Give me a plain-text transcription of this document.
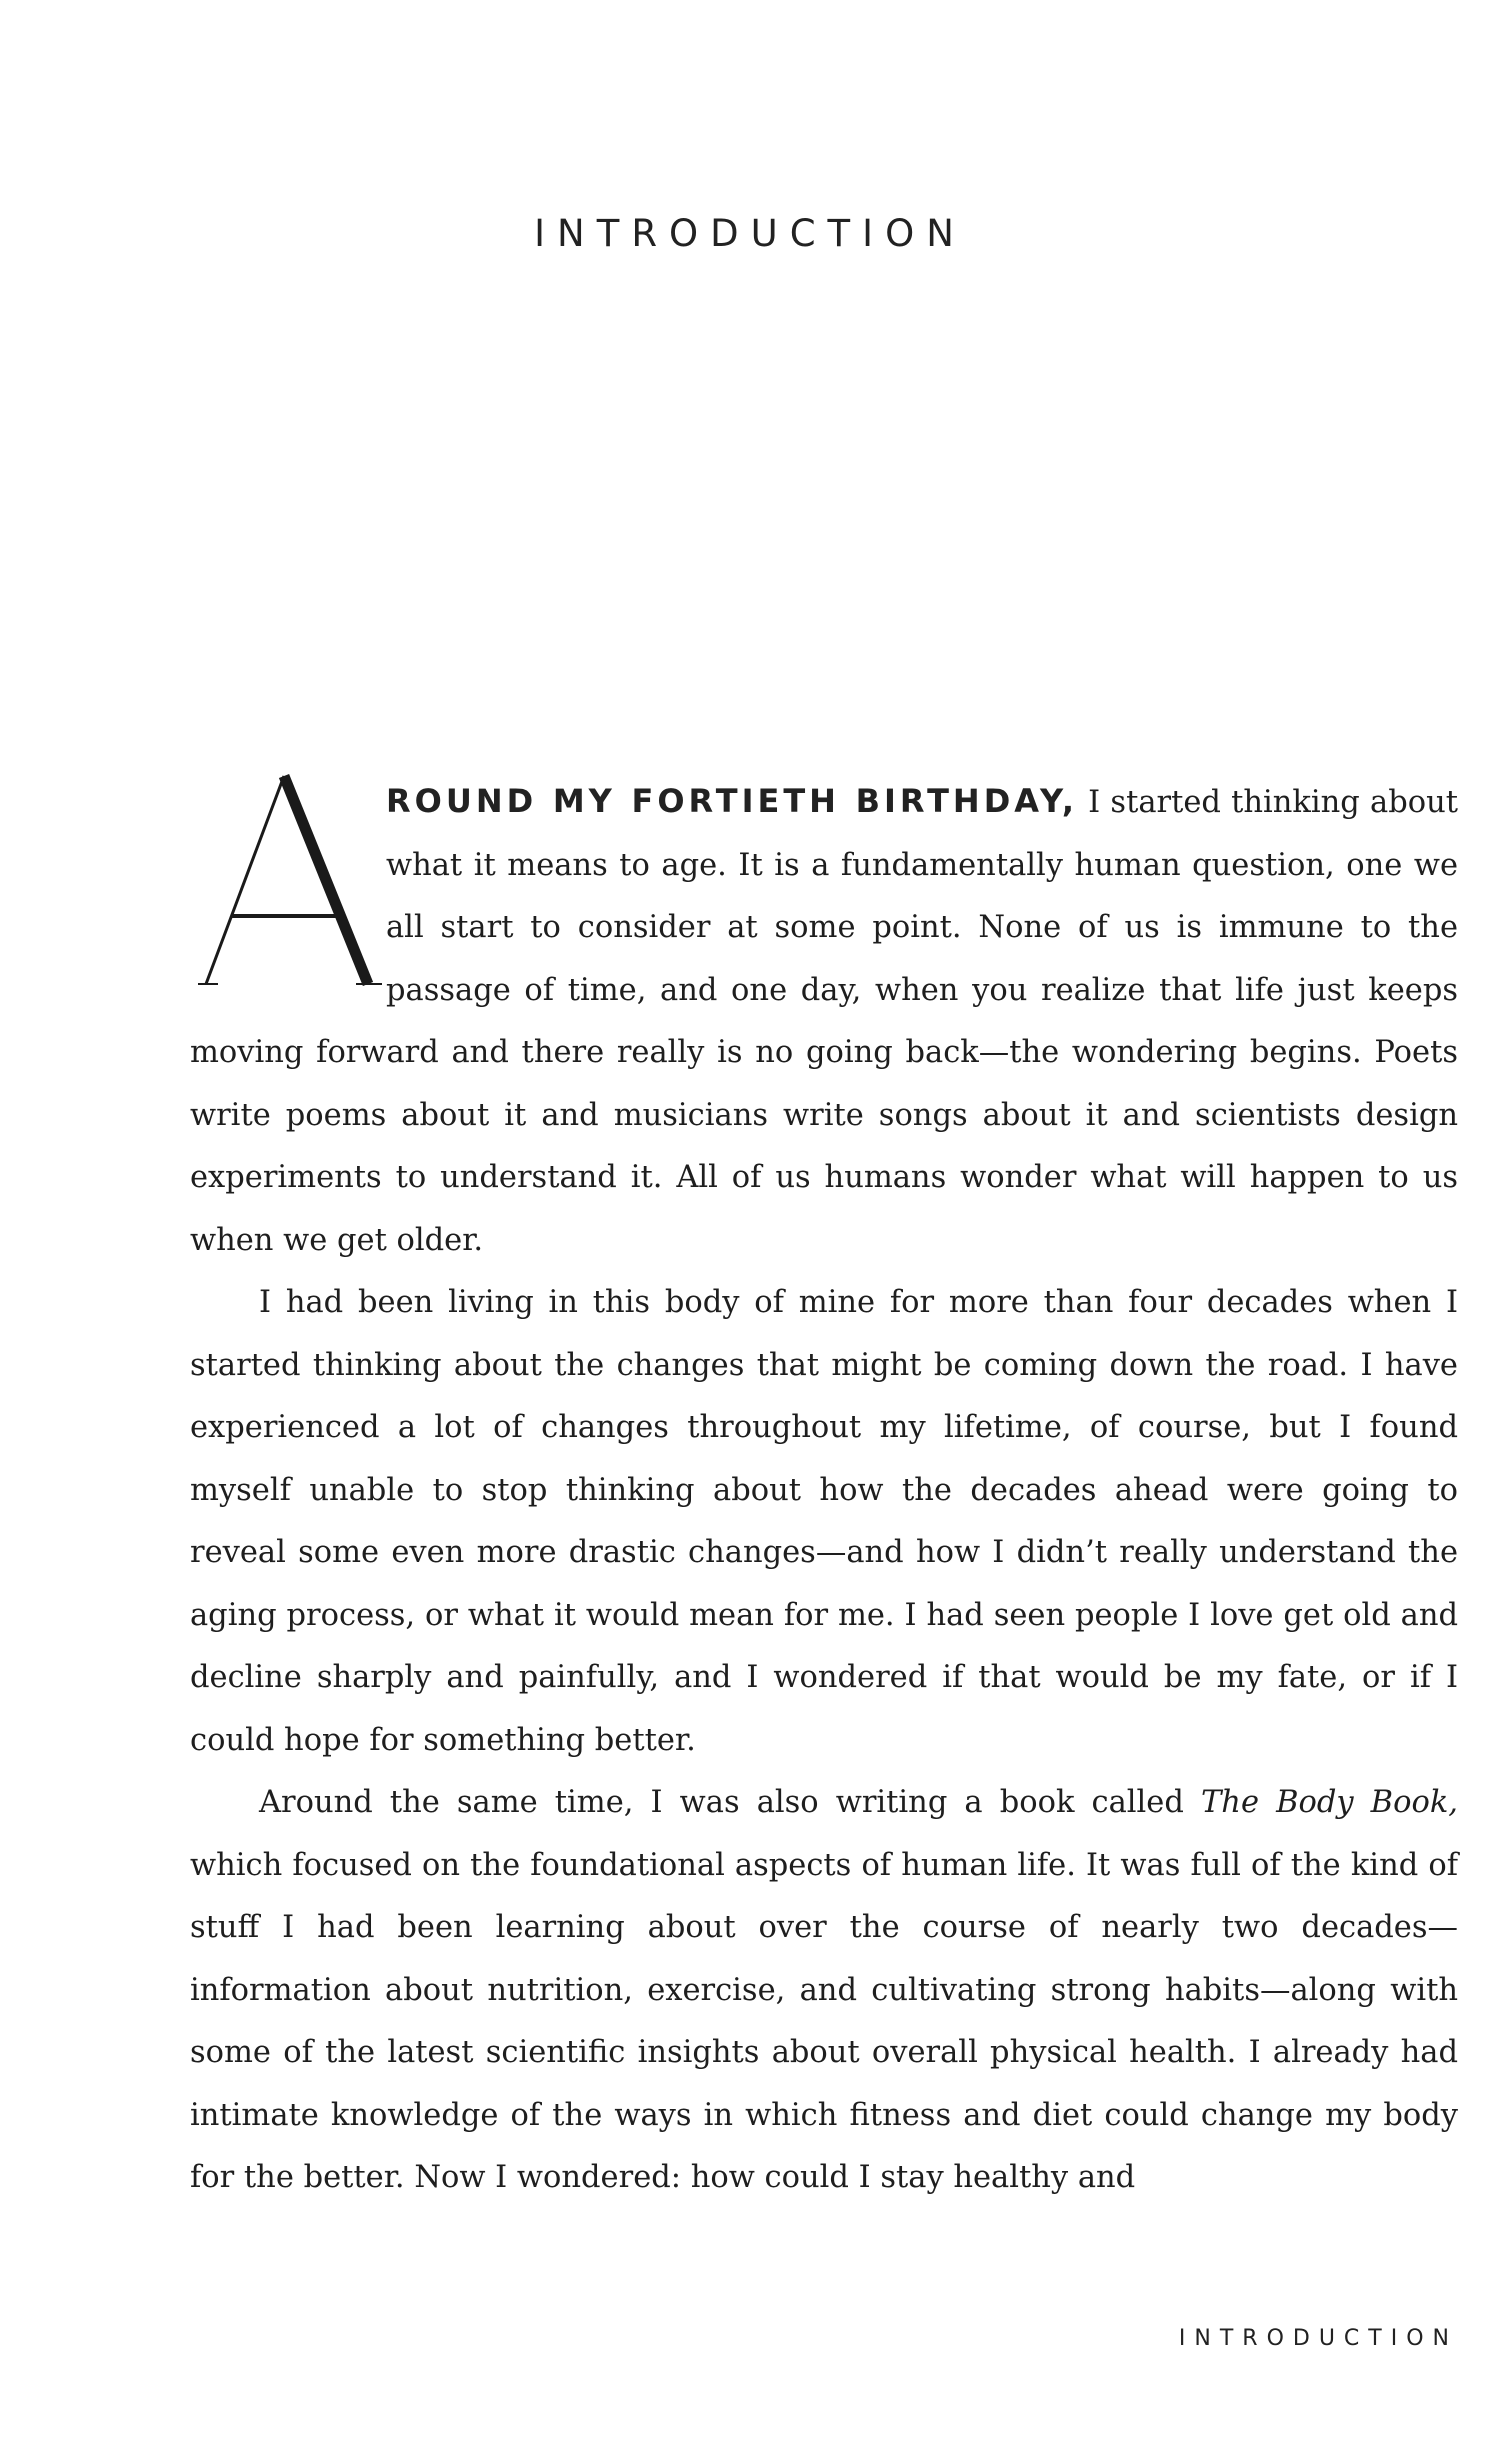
INTRODUCTION

ROUND MY FORTIETH BIRTHDAY, I started thinking about what it means to age. It is a fundamentally human question, one we all start to consider at some point. None of us is immune to the passage of time, and one day, when you realize that life just keeps moving forward and there really is no going back—the wondering begins. Poets write poems about it and musicians write songs about it and scientists design experiments to understand it. All of us humans wonder what will happen to us when we get older.

I had been living in this body of mine for more than four decades when I started thinking about the changes that might be coming down the road. I have experienced a lot of changes throughout my lifetime, of course, but I found myself unable to stop thinking about how the decades ahead were going to reveal some even more drastic changes—and how I didn’t really understand the aging process, or what it would mean for me. I had seen people I love get old and decline sharply and painfully, and I wondered if that would be my fate, or if I could hope for something better.

Around the same time, I was also writing a book called The Body Book, which focused on the foundational aspects of human life. It was full of the kind of stuff I had been learning about over the course of nearly two decades—information about nutrition, exercise, and cultivating strong habits—along with some of the latest scientific insights about overall physical health. I already had intimate knowledge of the ways in which fitness and diet could change my body for the better. Now I wondered: how could I stay healthy and

INTRODUCTION
